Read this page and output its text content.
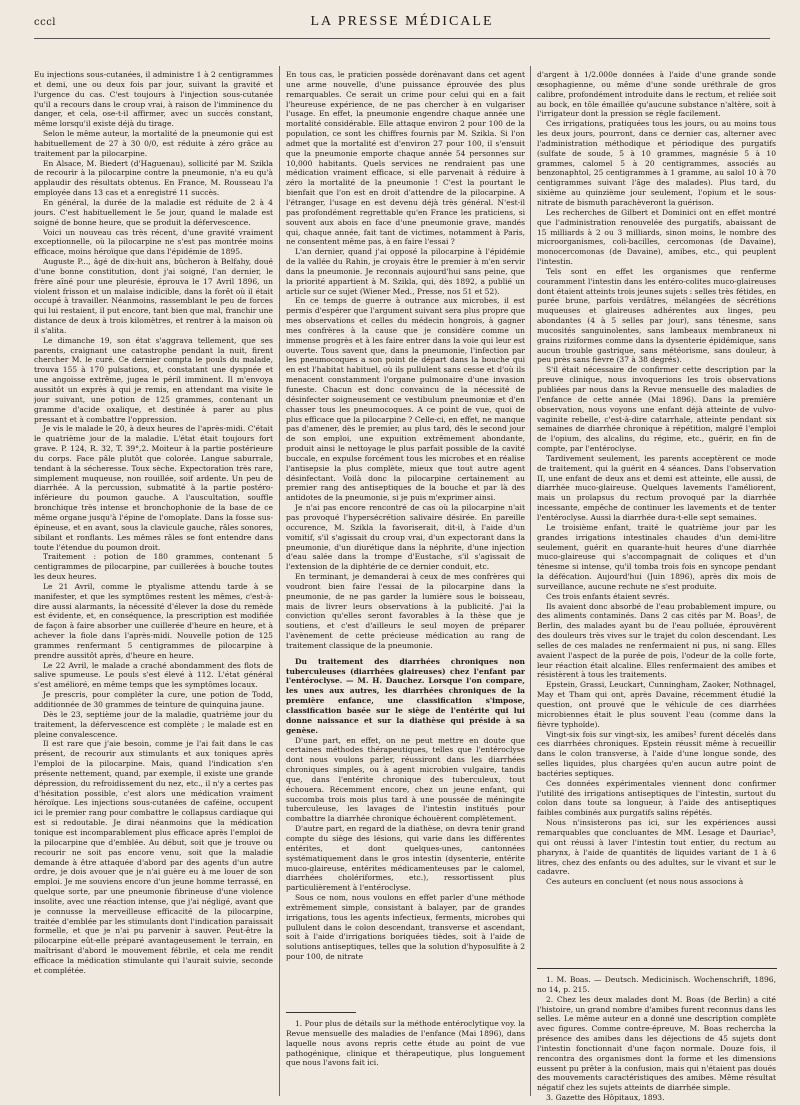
cccl	LA PRESSE MÉDICALE

Eu injections sous-cutanées, il administre 1 à 2 centigrammes et demi, une ou deux fois par jour, suivant la gravité et l'urgence du cas. C'est toujours à l'injection sous-cutanée qu'il a recours dans le croup vrai, à raison de l'imminence du danger, et cela, ose-t-il affirmer, avec un succès constant, même lorsqu'il existe déjà du tirage.

Selon le même auteur, la mortalité de la pneumonie qui est habituellement de 27 à 30 0/0, est réduite à zéro grâce au traitement par la pilocarpine.

En Alsace, M. Biedert (d'Haguenau), sollicité par M. Szikla de recourir à la pilocarpine contre la pneumonie, n'a eu qu'à applaudir des résultats obtenus. En France, M. Rousseau l'a employée dans 13 cas et a enregistré 11 succès.

En général, la durée de la maladie est réduite de 2 à 4 jours. C'est habituellement le 5e jour, quand le malade est soigné de bonne heure, que se produit la défervescence.

Voici un nouveau cas très récent, d'une gravité vraiment exceptionnelle, où la pilocarpine ne s'est pas montrée moins efficace, moins héroïque que dans l'épidémie de 1895.

Auguste P..., âgé de dix-huit ans, bûcheron à Belfahy, doué d'une bonne constitution, dont j'ai soigné, l'an dernier, le frère aîné pour une pleurésie, éprouva le 17 Avril 1896, un violent frisson et un malaise indicible, dans la forêt où il était occupé à travailler. Néanmoins, rassemblant le peu de forces qui lui restaient, il put encore, tant bien que mal, franchir une distance de deux à trois kilomètres, et rentrer à la maison où il s'alita.

Le dimanche 19, son état s'aggrava tellement, que ses parents, craignant une catastrophe pendant la nuit, firent chercher M. le curé. Ce dernier compta le pouls du malade, trouva 155 à 170 pulsations, et, constatant une dyspnée et une angoisse extrême, jugea le péril imminent. Il m'envoya aussitôt un exprès à qui je remis, en attendant ma visite le jour suivant, une potion de 125 grammes, contenant un gramme d'acide oxalique, et destinée à parer au plus pressant et à combattre l'oppression.

Je vis le malade le 20, à deux heures de l'après-midi. C'était le quatrième jour de la maladie. L'état était toujours fort grave. P. 124, R. 32, T. 39°,2. Moiteur à la partie postérieure du corps. Face pâle plutôt que colorée. Langue saburrale, tendant à la sécheresse. Toux sèche. Expectoration très rare, simplement muqueuse, non rouillée, soif ardente. Un peu de diarrhée. A la percussion, submatité à la partie postéro-inférieure du poumon gauche. A l'auscultation, souffle bronchique très intense et bronchophonie de la base de ce même organe jusqu'à l'épine de l'omoplate. Dans la fosse sus-épineuse, et en avant, sous la clavicule gauche, râles sonores, sibilant et ronflants. Les mêmes râles se font entendre dans toute l'étendue du poumon droit.

Traitement : potion de 180 grammes, contenant 5 centigrammes de pilocarpine, par cuillerées à bouche toutes les deux heures.

Le 21 Avril, comme le ptyalisme attendu tarde à se manifester, et que les symptômes restent les mêmes, c'est-à-dire aussi alarmants, la nécessité d'élever la dose du remède est évidente, et, en conséquence, la prescription est modifiée de façon à faire absorber une cuillerée d'heure en heure, et à achever la fiole dans l'après-midi. Nouvelle potion de 125 grammes renfermant 5 centigrammes de pilocarpine à prendre aussitôt après, d'heure en heure.

Le 22 Avril, le malade a craché abondamment des flots de salive spumeuse. Le pouls s'est élevé à 112. L'état général s'est amélioré, en même temps que les symptômes locaux.

Je prescris, pour compléter la cure, une potion de Todd, additionnée de 30 grammes de teinture de quinquina jaune.

Dès le 23, septième jour de la maladie, quatrième jour du traitement, la défervescence est complète ; le malade est en pleine convalescence.

Il est rare que j'aie besoin, comme je l'ai fait dans le cas présent, de recourir aux stimulants et aux toniques après l'emploi de la pilocarpine. Mais, quand l'indication s'en présente nettement, quand, par exemple, il existe une grande dépression, du refroidissement du nez, etc., il n'y a certes pas d'hésitation possible, c'est alors une médication vraiment héroïque. Les injections sous-cutanées de caféine, occupent ici le premier rang pour combattre le collapsus cardiaque qui est si redoutable. Je dirai néanmoins que la médication tonique est incomparablement plus efficace après l'emploi de la pilocarpine que d'emblée. Au début, soit que je trouve ou recourir ne soit pas encore venu, soit que la maladie demande à être attaquée d'abord par des agents d'un autre ordre, je dois avouer que je n'ai guère eu à me louer de son emploi. Je me souviens encore d'un jeune homme terrassé, en quelque sorte, par une pneumonie fibrineuse d'une violence insolite, avec une réaction intense, que j'ai négligé, avant que je connusse la merveilleuse efficacité de la pilocarpine, traitée d'emblée par les stimulants dont l'indication paraissait formelle, et que je n'ai pu parvenir à sauver. Peut-être la pilocarpine eût-elle préparé avantageusement le terrain, en maîtrisant d'abord le mouvement fébrile, et cela me rendit efficace la médication stimulante qui l'aurait suivie, seconde et complétée.

En tous cas, le praticien possède dorénavant dans cet agent une arme nouvelle, d'une puissance éprouvée des plus remarquables. Ce serait un crime pour celui qui en a fait l'heureuse expérience, de ne pas chercher à en vulgariser l'usage. En effet, la pneumonie engendre chaque année une mortalité considérable. Elle attaque environ 2 pour 100 de la population, ce sont les chiffres fournis par M. Szikla. Si l'on admet que la mortalité est d'environ 27 pour 100, il s'ensuit que la pneumonie emporte chaque année 54 personnes sur 10,000 habitants. Quels services ne rendraient pas une médication vraiment efficace, si elle parvenait à réduire à zéro la mortalité de la pneumonie ! C'est la pourtant le bienfait que l'on est en droit d'attendre de la pilocarpine. A l'étranger, l'usage en est devenu déjà très général. N'est-il pas profondément regrettable qu'en France les praticiens, si souvent aux abois en face d'une pneumonie grave, mandés qui, chaque année, fait tant de victimes, notamment à Paris, ne consentent même pas, à en faire l'essai ?

L'an dernier, quand j'ai opposé la pilocarpine à l'épidémie de la vallée du Rahin, je croyais être le premier à m'en servir dans la pneumonie. Je reconnais aujourd'hui sans peine, que la priorité appartient à M. Szikla, qui, dès 1892, a publié un article sur ce sujet (Wiener Med., Presse, nos 51 et 52).

En ce temps de guerre à outrance aux microbes, il est permis d'espérer que l'argument suivant sera plus propre que mes observations et celles du médecin hongrois, à gagner mes confrères à la cause que je considère comme un immense progrès et à les faire entrer dans la voie qui leur est ouverte. Tous savent que, dans la pneumonie, l'infection par les pneumocoques a son point de départ dans la bouche qui en est l'habitat habituel, où ils pullulent sans cesse et d'où ils menacent constamment l'organe pulmonaire d'une invasion funeste. Chacun est donc convaincu de la nécessité de désinfecter soigneusement ce vestibulum pneumoniæ et d'en chasser tous les pneumocoques. A ce point de vue, quoi de plus efficace que la pilocarpine ? Celle-ci, en effet, ne manque pas d'amener, dès le premier, au plus tard, dès le second jour de son emploi, une expuition extrêmement abondante, produit ainsi le nettoyage le plus parfait possible de la cavité buccale, en expulse forcément tous les microbes et en réalise l'antisepsie la plus complète, mieux que tout autre agent désinfectant. Voilà donc la pilocarpine certainement au premier rang des antiseptiques de la bouche et par là des antidotes de la pneumonie, si je puis m'exprimer ainsi.

Je n'ai pas encore rencontré de cas où la pilocarpine n'ait pas provoqué l'hypersécrétion salivaire désirée. En pareille occurence, M. Szikla la favoriserait, dit-il, à l'aide d'un vomitif, s'il s'agissait du croup vrai, d'un expectorant dans la pneumonie, d'un diurétique dans la néphrite, d'une injection d'eau salée dans la trompe d'Eustache, s'il s'agissait de l'extension de la diphtérie de ce dernier conduit, etc.

En terminant, je demanderai à ceux de mes confrères qui voudront bien faire l'essai de la pilocarpine dans la pneumonie, de ne pas garder la lumière sous le boisseau, mais de livrer leurs observations à la publicité. J'ai la conviction qu'elles seront favorables à la thèse que je soutiens, et c'est d'ailleurs le seul moyen de préparer l'avènement de cette précieuse médication au rang de traitement classique de la pneumonie.

Du traitement des diarrhées chroniques non tuberculeuses (diarrhées glaireuses) chez l'enfant par l'entéroclyse. — M. H. Dauchez. Lorsque l'on compare, les unes aux autres, les diarrhées chroniques de la première enfance, une classification s'impose, classification basée sur le siège de l'entérite qui lui donne naissance et sur la diathèse qui préside à sa genèse.

D'une part, en effet, on ne peut mettre en doute que certaines méthodes thérapeutiques, telles que l'entéroclyse dont nous voulons parler, réussiront dans les diarrhées chroniques simples, ou à agent microbien vulgaire, tandis que, dans l'entérite chronique des tuberculeux, tout échouera. Récemment encore, chez un jeune enfant, qui succomba trois mois plus tard à une poussée de méningite tuberculeuse, les lavages de l'intestin institués pour combattre la diarrhée chronique échouèrent complètement.

D'autre part, en regard de la diathèse, on devra tenir grand compte du siège des lésions, qui varie dans les différentes entérites, et dont quelques-unes, cantonnées systématiquement dans le gros intestin (dysenterie, entérite muco-glaireuse, entérites médicamenteuses par le calomel, diarrhées cholériformes, etc.), ressortissent plus particulièrement à l'entéroclyse.

Sous ce nom, nous voulons en effet parler d'une méthode extrêmement simple, consistant à balayer, par de grandes irrigations, tous les agents infectieux, ferments, microbes qui pullulent dans le colon descendant, transverse et ascendant, soit à l'aide d'irrigations boriquées tièdes, soit à l'aide de solutions antiseptiques, telles que la solution d'hyposulfite à 2 pour 100, de nitrate

1. Pour plus de détails sur la méthode entéroclytique voy. la Revue mensuelle des maladies de l'enfance (Mai 1896), dans laquelle nous avons repris cette étude au point de vue pathogénique, clinique et thérapeutique, plus longuement que nous l'avons fait ici.

d'argent à 1/2.000e données à l'aide d'une grande sonde œsophagienne, ou même d'une sonde uréthrale de gros calibre, profondément introduite dans le rectum, et reliée soit au bock, en tôle émaillée qu'aucune substance n'altère, soit à l'irrigateur dont la pression se règle facilement.

Ces irrigations, pratiquées tous les jours, ou au moins tous les deux jours, pourront, dans ce dernier cas, alterner avec l'administration méthodique et périodique des purgatifs (sulfate de soude, 5 à 10 grammes, magnésie 5 à 10 grammes, calomel 5 à 20 centigrammes, associés au benzonaphtol, 25 centigrammes à 1 gramme, au salol 10 à 70 centigrammes suivant l'âge des malades). Plus tard, du sixième au quinzième jour seulement, l'opium et le sous-nitrate de bismuth parachèveront la guérison.

Les recherches de Gilbert et Dominici ont en effet montré que l'administration renouvelée des purgatifs, abaissant de 15 milliards à 2 ou 3 milliards, sinon moins, le nombre des microorganismes, coli-bacilles, cercomonas (de Davaine), monocercomonas (de Davaine), amibes, etc., qui peuplent l'intestin.

Tels sont en effet les organismes que renferme couramment l'intestin dans les entéro-colites muco-glaireuses dont étaient atteints trois jeunes sujets : selles très fétides, en purée brune, parfois verdâtres, mélangées de sécrétions muqueuses et glaireuses adhérentes aux linges, peu abondantes (4 à 5 selles par jour), sans ténesme, sans mucosités sanguinolentes, sans lambeaux membraneux ni grains riziformes comme dans la dysenterie épidémique, sans aucun trouble gastrique, sans météorisme, sans douleur, à peu près sans fièvre (37 à 38 degrés).

S'il était nécessaire de confirmer cette description par la preuve clinique, nous invoquerions les trois observations publiées par nous dans la Revue mensuelle des maladies de l'enfance de cette année (Mai 1896). Dans la première observation, nous voyons une enfant déjà atteinte de vulvo-vaginite rebelle, c'est-à-dire catarrhale, atteinte pendant six semaines de diarrhée chronique à répétition, malgré l'emploi de l'opium, des alcalins, du régime, etc., guérir, en fin de compte, par l'entéroclyse.

Tardivement seulement, les parents acceptèrent ce mode de traitement, qui la guérit en 4 séances. Dans l'observation II, une enfant de deux ans et demi est atteinte, elle aussi, de diarrhée muco-glaireuse. Quelques lavements l'améliorent, mais un prolapsus du rectum provoqué par la diarrhée incessante, empêche de continuer les lavements et de tenter l'entéroclyse. Aussi la diarrhée dura-t-elle sept semaines.

Le troisième enfant, traité le quatrième jour par les grandes irrigations intestinales chaudes d'un demi-litre seulement, guérit en quarante-huit heures d'une diarrhée muco-glaireuse qui s'accompagnait de coliques et d'un ténesme si intense, qu'il tomba trois fois en syncope pendant la défécation. Aujourd'hui (Juin 1896), après dix mois de surveillance, aucune rechute ne s'est produite.

Ces trois enfants étaient sevrés.

Ils avaient donc absorbé de l'eau probablement impure, ou des aliments contaminés. Dans 2 cas cités par M. Boas¹, de Berlin, des malades ayant bu de l'eau polluée, éprouvèrent des douleurs très vives sur le trajet du colon descendant. Les selles de ces malades ne renfermaient ni pus, ni sang. Elles avaient l'aspect de la purée de pois, l'odeur de la colle forte, leur réaction était alcaline. Elles renfermaient des amibes et résistèrent à tous les traitements.

Epstein, Grassi, Leuckart, Cunningham, Zaoker, Nothnagel, May et Tham qui ont, après Davaine, récemment étudié la question, ont prouvé que le véhicule de ces diarrhées microbiennes était le plus souvent l'eau (comme dans la fièvre typhoïde).

Vingt-six fois sur vingt-six, les amibes² furent décelés dans ces diarrhées chroniques. Epstein réussit même à recueillir dans le colon transverse, à l'aide d'une longue sonde, des selles liquides, plus chargées qu'en aucun autre point de bactéries septiques.

Ces données expérimentales viennent donc confirmer l'utilité des irrigations antiseptiques de l'intestin, surtout du colon dans toute sa longueur, à l'aide des antiseptiques faibles combinés aux purgatifs salins répétés.

Nous n'insisterons pas ici, sur les expériences aussi remarquables que concluantes de MM. Lesage et Dauriac³, qui ont réussi à laver l'intestin tout entier, du rectum au pharynx, à l'aide de quantités de liquides variant de 1 à 6 litres, chez des enfants ou des adultes, sur le vivant et sur le cadavre.

Ces auteurs en concluent (et nous nous associons à

1. M. Boas. — Deutsch. Medicinisch. Wochenschrift, 1896, no 14, p. 215.

2. Chez les deux malades dont M. Boas (de Berlin) a cité l'histoire, un grand nombre d'amibes furent reconnus dans les selles. Le même auteur en a donné une description complète avec figures. Comme contre-épreuve, M. Boas rechercha la présence des amibes dans les déjections de 45 sujets dont l'intestin fonctionnait d'une façon normale. Douze fois, il rencontra des organismes dont la forme et les dimensions eussent pu prêter à la confusion, mais qui n'étaient pas doués des mouvements caractéristiques des amibes. Même résultat négatif chez les sujets atteints de diarrhée simple.

3. Gazette des Hôpitaux, 1893.
